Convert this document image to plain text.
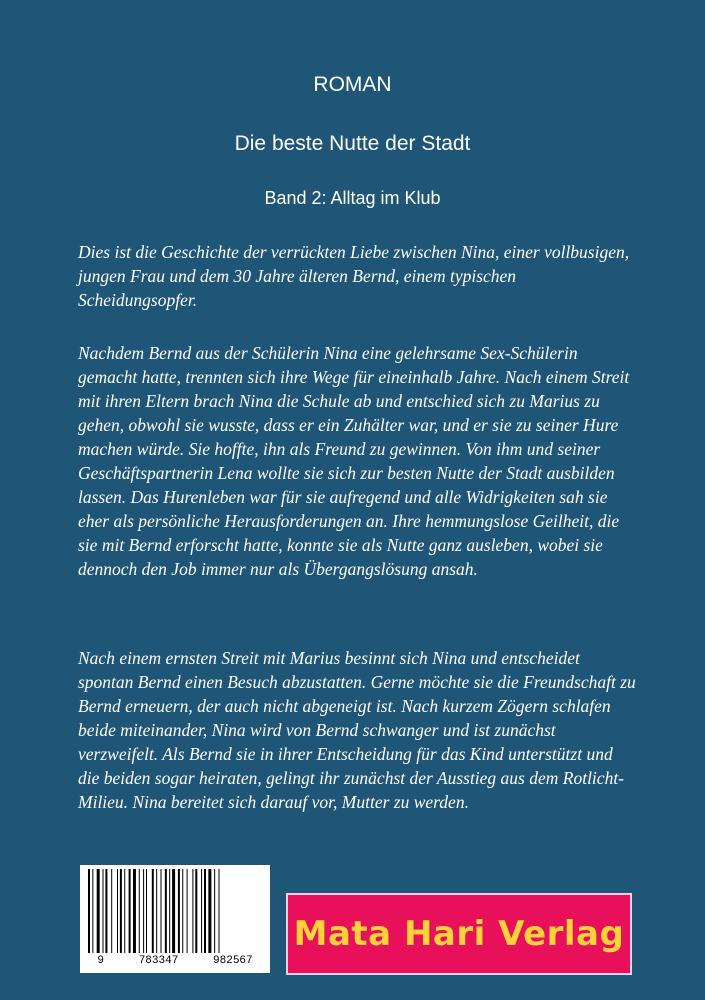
ROMAN
Die beste Nutte der Stadt
Band 2: Alltag im Klub

Dies ist die Geschichte der verrückten Liebe zwischen Nina, einer vollbusigen, jungen Frau und dem 30 Jahre älteren Bernd, einem typischen Scheidungsopfer.

Nachdem Bernd aus der Schülerin Nina eine gelehrsame Sex-Schülerin gemacht hatte, trennten sich ihre Wege für eineinhalb Jahre. Nach einem Streit mit ihren Eltern brach Nina die Schule ab und entschied sich zu Marius zu gehen, obwohl sie wusste, dass er ein Zuhälter war, und er sie zu seiner Hure machen würde. Sie hoffte, ihn als Freund zu gewinnen. Von ihm und seiner Geschäftspartnerin Lena wollte sie sich zur besten Nutte der Stadt ausbilden lassen. Das Hurenleben war für sie aufregend und alle Widrigkeiten sah sie eher als persönliche Herausforderungen an. Ihre hemmungslose Geilheit, die sie mit Bernd erforscht hatte, konnte sie als Nutte ganz ausleben, wobei sie dennoch den Job immer nur als Übergangslösung ansah.

Nach einem ernsten Streit mit Marius besinnt sich Nina und entscheidet spontan Bernd einen Besuch abzustatten. Gerne möchte sie die Freundschaft zu Bernd erneuern, der auch nicht abgeneigt ist. Nach kurzem Zögern schlafen beide miteinander, Nina wird von Bernd schwanger und ist zunächst verzweifelt. Als Bernd sie in ihrer Entscheidung für das Kind unterstützt und die beiden sogar heiraten, gelingt ihr zunächst der Ausstieg aus dem Rotlicht-Milieu. Nina bereitet sich darauf vor, Mutter zu werden.

9	783347	982567
Mata Hari Verlag
